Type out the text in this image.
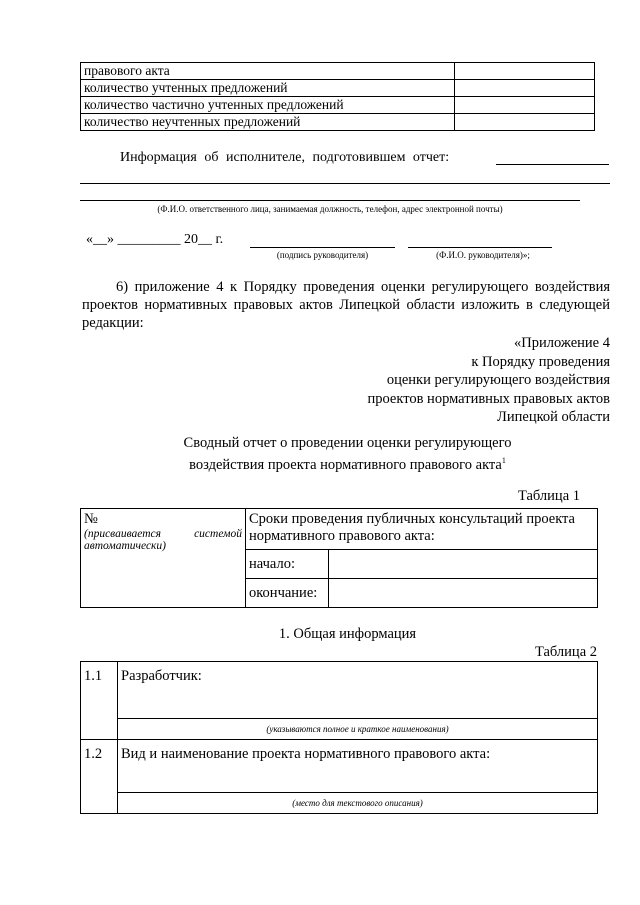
правового акта	
количество учтенных предложений	
количество частично учтенных предложений	
количество неучтенных предложений	
Информация об исполнителе, подготовившем отчет:
(Ф.И.О. ответственного лица, занимаемая должность, телефон, адрес электронной почты)
«__» _________ 20__ г.
(подпись руководителя)	(Ф.И.О. руководителя)»;
6) приложение 4 к Порядку проведения оценки регулирующего воздействия проектов нормативных правовых актов Липецкой области изложить в следующей редакции:
«Приложение 4
к Порядку проведения
оценки регулирующего воздействия
проектов нормативных правовых актов
Липецкой области
Сводный отчет о проведении оценки регулирующего
воздействия проекта нормативного правового акта$^1$
Таблица 1
№
(присваивается системой автоматически)	Сроки проведения публичных консультаций проекта нормативного правового акта:	
	начало:	
	окончание:	
1. Общая информация
Таблица 2
1.1	Разработчик:
	(указываются полное и краткое наименования)
1.2	Вид и наименование проекта нормативного правового акта:
	(место для текстового описания)
